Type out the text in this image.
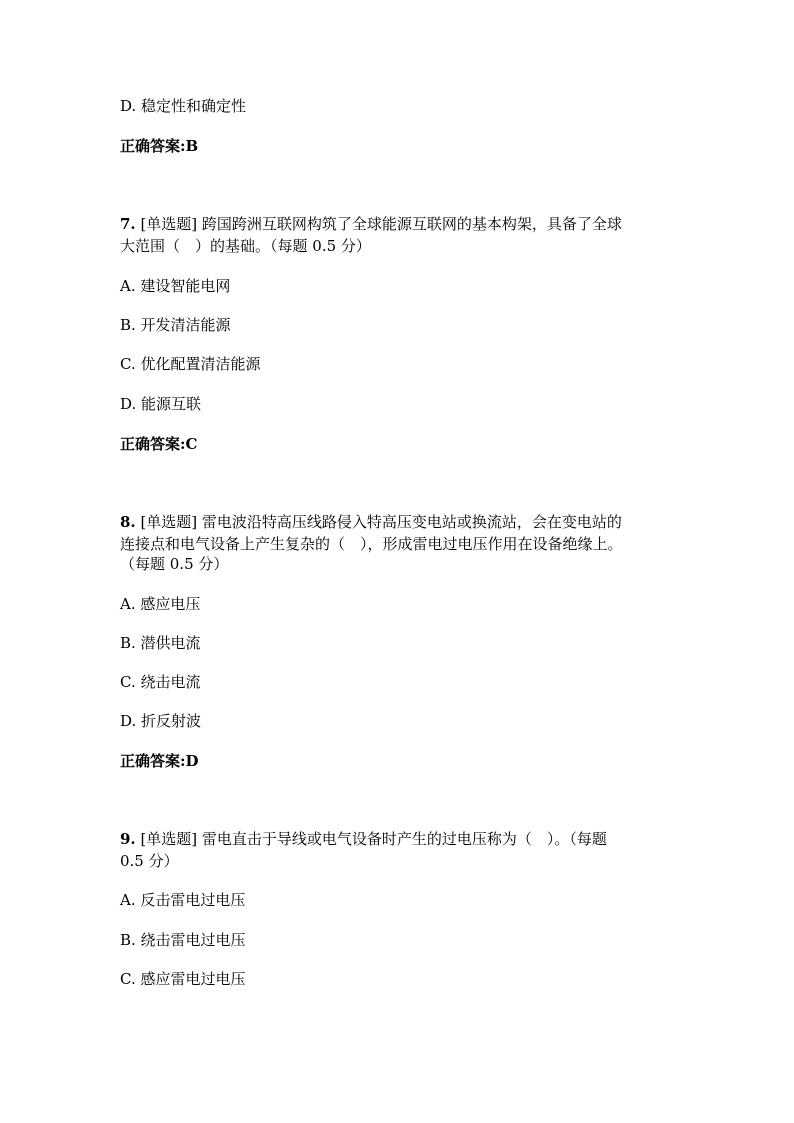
D. 稳定性和确定性
正确答案:B
7. [单选题] 跨国跨洲互联网构筑了全球能源互联网的基本构架，具备了全球
大范围（　）的基础。（每题 0.5 分）
A. 建设智能电网
B. 开发清洁能源
C. 优化配置清洁能源
D. 能源互联
正确答案:C
8. [单选题] 雷电波沿特高压线路侵入特高压变电站或换流站，会在变电站的
连接点和电气设备上产生复杂的（　），形成雷电过电压作用在设备绝缘上。
（每题 0.5 分）
A. 感应电压
B. 潜供电流
C. 绕击电流
D. 折反射波
正确答案:D
9. [单选题] 雷电直击于导线或电气设备时产生的过电压称为（　）。（每题
0.5 分）
A. 反击雷电过电压
B. 绕击雷电过电压
C. 感应雷电过电压
